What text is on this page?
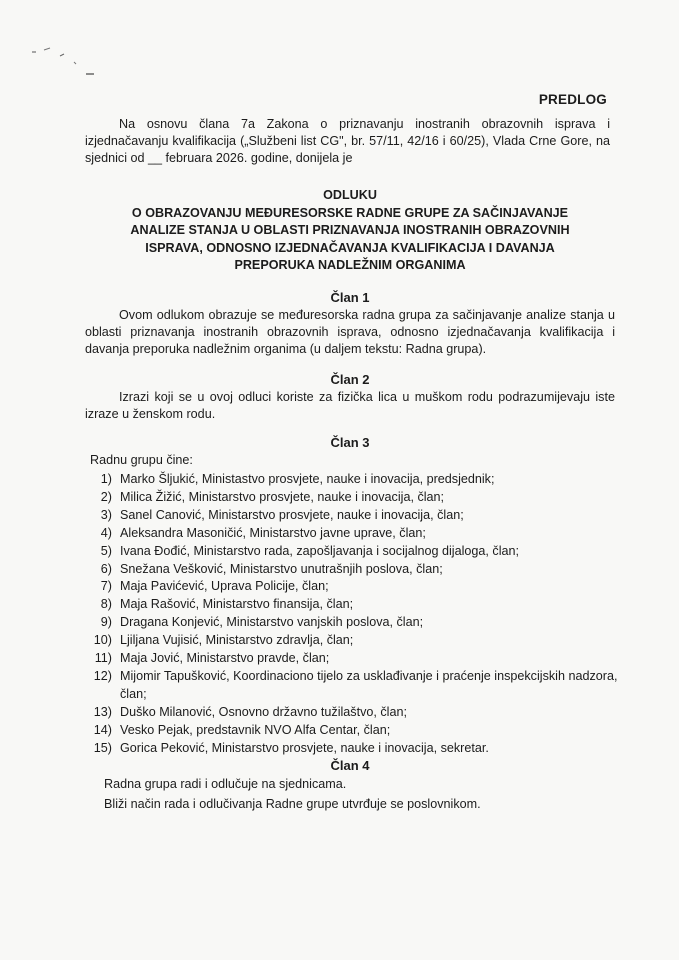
PREDLOG
Na osnovu člana 7a Zakona o priznavanju inostranih obrazovnih isprava i izjednačavanju kvalifikacija („Službeni list CG", br. 57/11, 42/16 i 60/25), Vlada Crne Gore, na sjednici od __ februara 2026. godine, donijela je
ODLUKU
O OBRAZOVANJU MEĐURESORSKE RADNE GRUPE ZA SAČINJAVANJE
ANALIZE STANJA U OBLASTI PRIZNAVANJA INOSTRANIH OBRAZOVNIH
ISPRAVA, ODNOSNO IZJEDNAČAVANJA KVALIFIKACIJA I DAVANJA
PREPORUKA NADLEŽNIM ORGANIMA
Član 1
Ovom odlukom obrazuje se međuresorska radna grupa za sačinjavanje analize stanja u oblasti priznavanja inostranih obrazovnih isprava, odnosno izjednačavanja kvalifikacija i davanja preporuka nadležnim organima (u daljem tekstu: Radna grupa).
Član 2
Izrazi koji se u ovoj odluci koriste za fizička lica u muškom rodu podrazumijevaju iste izraze u ženskom rodu.
Član 3
Radnu grupu čine:
1) Marko Šljukić, Ministastvo prosvjete, nauke i inovacija, predsjednik;
2) Milica Žižić, Ministarstvo prosvjete, nauke i inovacija, član;
3) Sanel Canović, Ministarstvo prosvjete, nauke i inovacija, član;
4) Aleksandra Masoničić, Ministarstvo javne uprave, član;
5) Ivana Đođić, Ministarstvo rada, zapošljavanja i socijalnog dijaloga, član;
6) Snežana Vešković, Ministarstvo unutrašnjih poslova, član;
7) Maja Pavićević, Uprava Policije, član;
8) Maja Rašović, Ministarstvo finansija, član;
9) Dragana Konjević, Ministarstvo vanjskih poslova, član;
10) Ljiljana Vujisić, Ministarstvo zdravlja, član;
11) Maja Jović, Ministarstvo pravde, član;
12) Mijomir Tapušković, Koordinaciono tijelo za usklađivanje i praćenje inspekcijskih nadzora, član;
13) Duško Milanović, Osnovno državno tužilaštvo, član;
14) Vesko Pejak, predstavnik NVO Alfa Centar, član;
15) Gorica Peković, Ministarstvo prosvjete, nauke i inovacija, sekretar.
Član 4
Radna grupa radi i odlučuje na sjednicama.
Bliži način rada i odlučivanja Radne grupe utvrđuje se poslovnikom.
